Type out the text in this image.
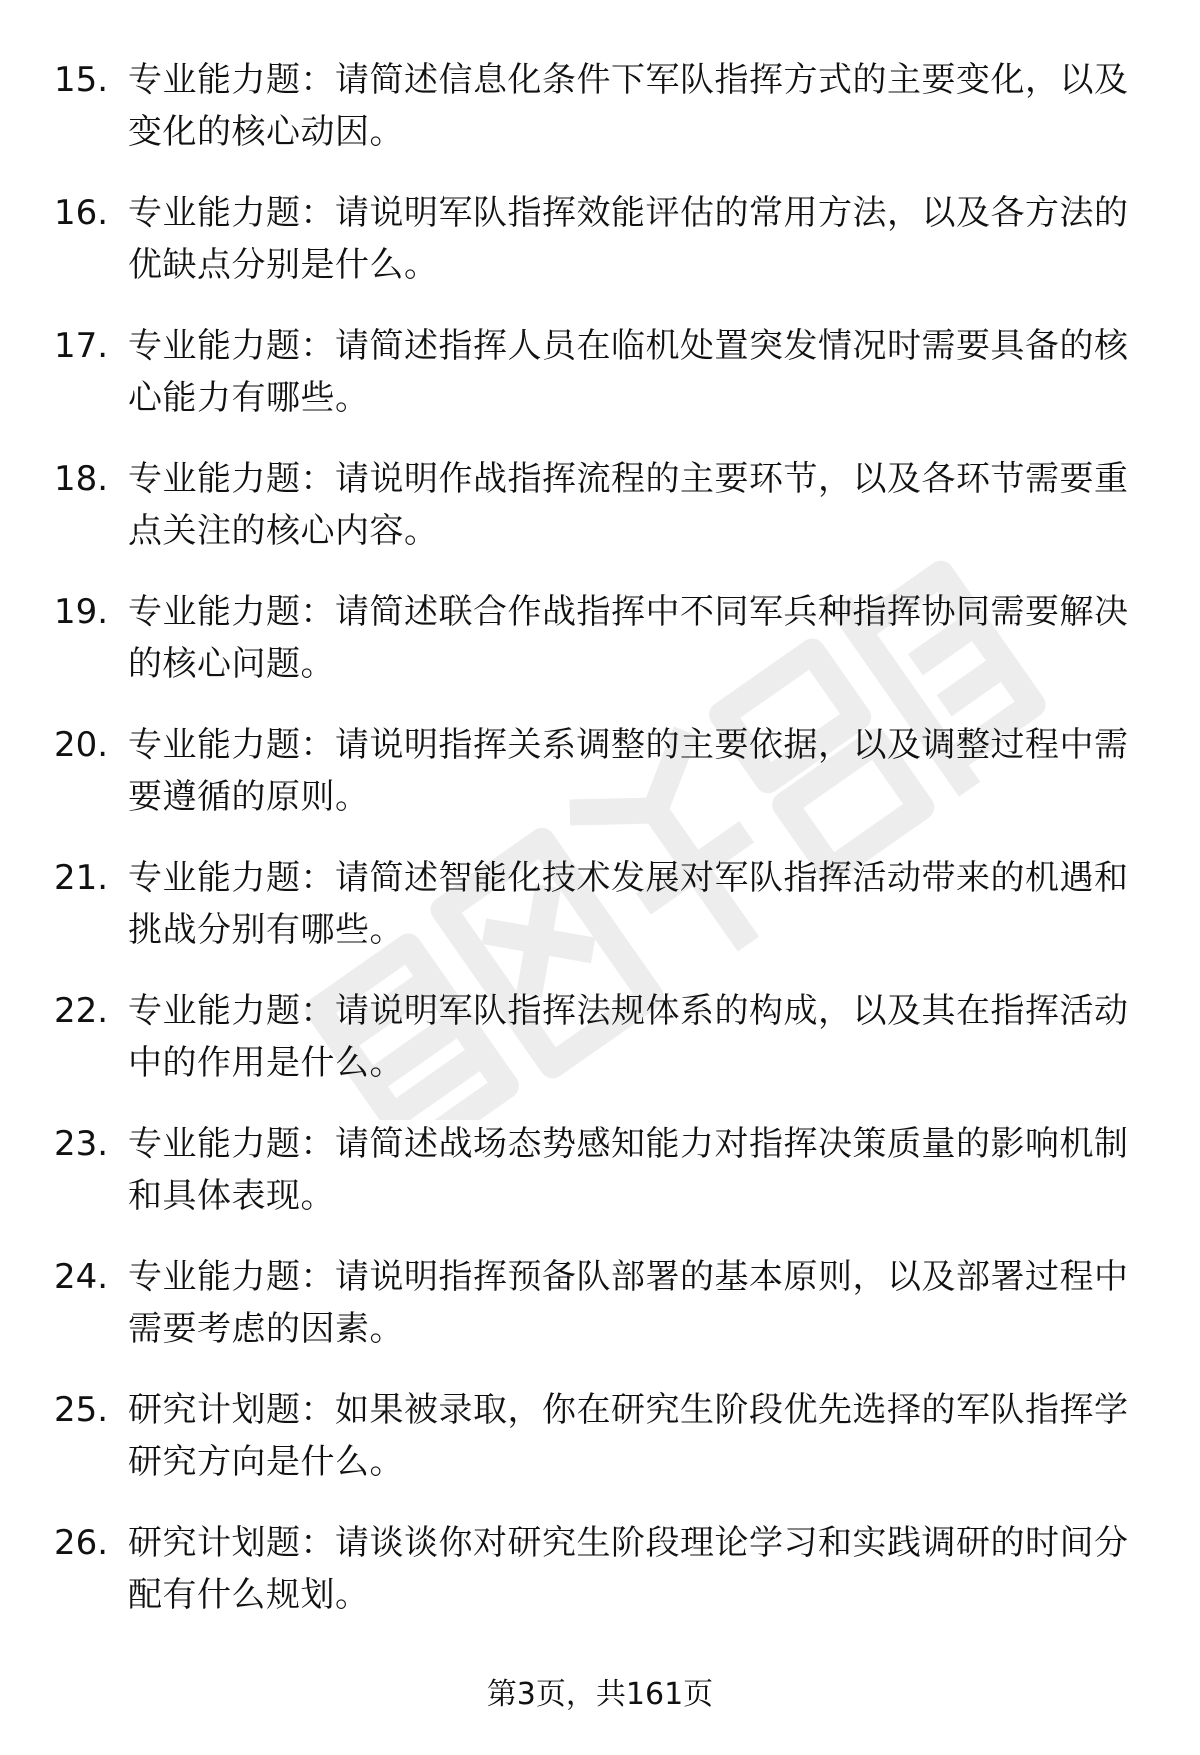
15. 专业能力题：请简述信息化条件下军队指挥方式的主要变化，以及变化的核心动因。
16. 专业能力题：请说明军队指挥效能评估的常用方法，以及各方法的优缺点分别是什么。
17. 专业能力题：请简述指挥人员在临机处置突发情况时需要具备的核心能力有哪些。
18. 专业能力题：请说明作战指挥流程的主要环节，以及各环节需要重点关注的核心内容。
19. 专业能力题：请简述联合作战指挥中不同军兵种指挥协同需要解决的核心问题。
20. 专业能力题：请说明指挥关系调整的主要依据，以及调整过程中需要遵循的原则。
21. 专业能力题：请简述智能化技术发展对军队指挥活动带来的机遇和挑战分别有哪些。
22. 专业能力题：请说明军队指挥法规体系的构成，以及其在指挥活动中的作用是什么。
23. 专业能力题：请简述战场态势感知能力对指挥决策质量的影响机制和具体表现。
24. 专业能力题：请说明指挥预备队部署的基本原则，以及部署过程中需要考虑的因素。
25. 研究计划题：如果被录取，你在研究生阶段优先选择的军队指挥学研究方向是什么。
26. 研究计划题：请谈谈你对研究生阶段理论学习和实践调研的时间分配有什么规划。
第3页，共161页
